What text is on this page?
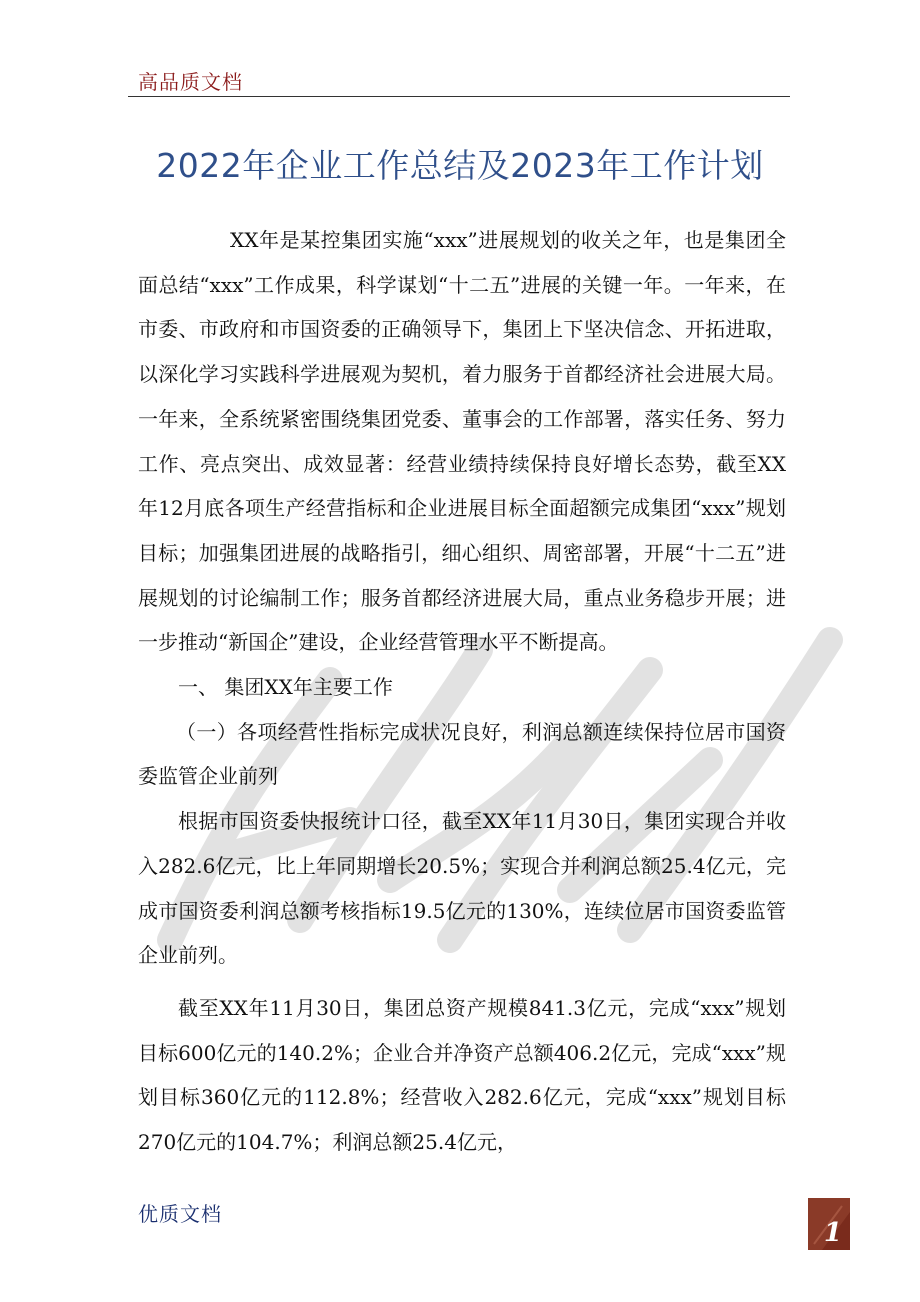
高品质文档
2022年企业工作总结及2023年工作计划

XX年是某控集团实施“xxx”进展规划的收关之年，也是集团全面总结“xxx”工作成果，科学谋划“十二五”进展的关键一年。一年来，在市委、市政府和市国资委的正确领导下，集团上下坚决信念、开拓进取，以深化学习实践科学进展观为契机，着力服务于首都经济社会进展大局。一年来，全系统紧密围绕集团党委、董事会的工作部署，落实任务、努力工作、亮点突出、成效显著：经营业绩持续保持良好增长态势，截至XX年12月底各项生产经营指标和企业进展目标全面超额完成集团“xxx”规划目标；加强集团进展的战略指引，细心组织、周密部署，开展“十二五”进展规划的讨论编制工作；服务首都经济进展大局，重点业务稳步开展；进一步推动“新国企”建设，企业经营管理水平不断提高。

一、 集团XX年主要工作

（一）各项经营性指标完成状况良好，利润总额连续保持位居市国资委监管企业前列

根据市国资委快报统计口径，截至XX年11月30日，集团实现合并收入282.6亿元，比上年同期增长20.5%；实现合并利润总额25.4亿元，完成市国资委利润总额考核指标19.5亿元的130%，连续位居市国资委监管企业前列。

截至XX年11月30日，集团总资产规模841.3亿元，完成“xxx”规划目标600亿元的140.2%；企业合并净资产总额406.2亿元，完成“xxx”规划目标360亿元的112.8%；经营收入282.6亿元，完成“xxx”规划目标270亿元的104.7%；利润总额25.4亿元，

优质文档
1
